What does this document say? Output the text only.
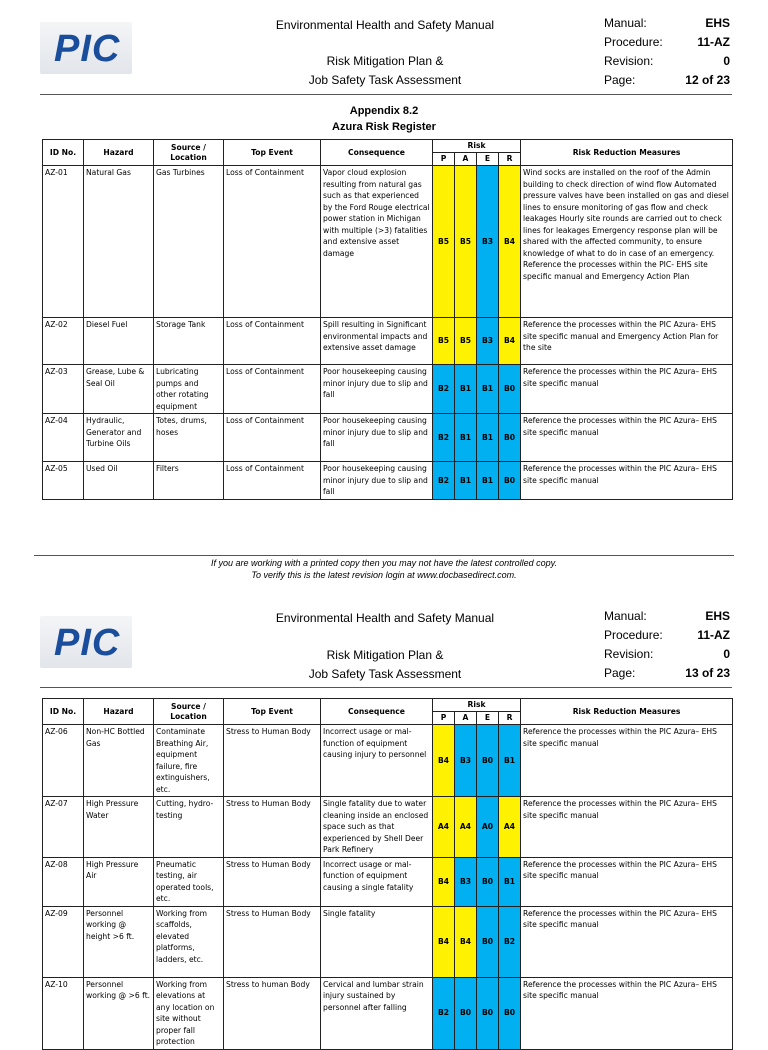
PIC
Environmental Health and Safety Manual
Risk Mitigation Plan &
Job Safety Task Assessment
Manual:	EHS
Procedure:	11-AZ
Revision:	0
Page:	12 of 23
Appendix 8.2
Azura Risk Register
ID No.	Hazard	Source / Location	Top Event	Consequence	Risk				Risk Reduction Measures
					P	A	E	R	
AZ-01	Natural Gas	Gas Turbines	Loss of Containment	Vapor cloud explosion resulting from natural gas such as that experienced by the Ford Rouge electrical power station in Michigan with multiple (>3) fatalities and extensive asset damage	B5	B5	B3	B4	Wind socks are installed on the roof of the Admin building to check direction of wind flow Automated pressure valves have been installed on gas and diesel lines to ensure monitoring of gas flow and check leakages Hourly site rounds are carried out to check lines for leakages Emergency response plan will be shared with the affected community, to ensure knowledge of what to do in case of an emergency. Reference the processes within the PIC- EHS site specific manual and Emergency Action Plan
AZ-02	Diesel Fuel	Storage Tank	Loss of Containment	Spill resulting in Significant environmental impacts and extensive asset damage	B5	B5	B3	B4	Reference the processes within the PIC Azura- EHS site specific manual and Emergency Action Plan for the site
AZ-03	Grease, Lube & Seal Oil	Lubricating pumps and other rotating equipment	Loss of Containment	Poor housekeeping causing minor injury due to slip and fall	B2	B1	B1	B0	Reference the processes within the PIC Azura– EHS site specific manual
AZ-04	Hydraulic, Generator and Turbine Oils	Totes, drums, hoses	Loss of Containment	Poor housekeeping causing minor injury due to slip and fall	B2	B1	B1	B0	Reference the processes within the PIC Azura– EHS site specific manual
AZ-05	Used Oil	Filters	Loss of Containment	Poor housekeeping causing minor injury due to slip and fall	B2	B1	B1	B0	Reference the processes within the PIC Azura– EHS site specific manual
If you are working with a printed copy then you may not have the latest controlled copy.
To verify this is the latest revision login at www.docbasedirect.com.
PIC
Environmental Health and Safety Manual
Risk Mitigation Plan &
Job Safety Task Assessment
Manual:	EHS
Procedure:	11-AZ
Revision:	0
Page:	13 of 23
ID No.	Hazard	Source / Location	Top Event	Consequence	Risk				Risk Reduction Measures
					P	A	E	R	
AZ-06	Non-HC Bottled Gas	Contaminate Breathing Air, equipment failure, fire extinguishers, etc.	Stress to Human Body	Incorrect usage or mal-function of equipment causing injury to personnel	B4	B3	B0	B1	Reference the processes within the PIC Azura– EHS site specific manual
AZ-07	High Pressure Water	Cutting, hydro-testing	Stress to Human Body	Single fatality due to water cleaning inside an enclosed space such as that experienced by Shell Deer Park Refinery	A4	A4	A0	A4	Reference the processes within the PIC Azura– EHS site specific manual
AZ-08	High Pressure Air	Pneumatic testing, air operated tools, etc.	Stress to Human Body	Incorrect usage or mal-function of equipment causing a single fatality	B4	B3	B0	B1	Reference the processes within the PIC Azura– EHS site specific manual
AZ-09	Personnel working @ height >6 ft.	Working from scaffolds, elevated platforms, ladders, etc.	Stress to Human Body	Single fatality	B4	B4	B0	B2	Reference the processes within the PIC Azura– EHS site specific manual
AZ-10	Personnel working @ >6 ft.	Working from elevations at any location on site without proper fall protection	Stress to human Body	Cervical and lumbar strain injury sustained by personnel after falling	B2	B0	B0	B0	Reference the processes within the PIC Azura– EHS site specific manual
